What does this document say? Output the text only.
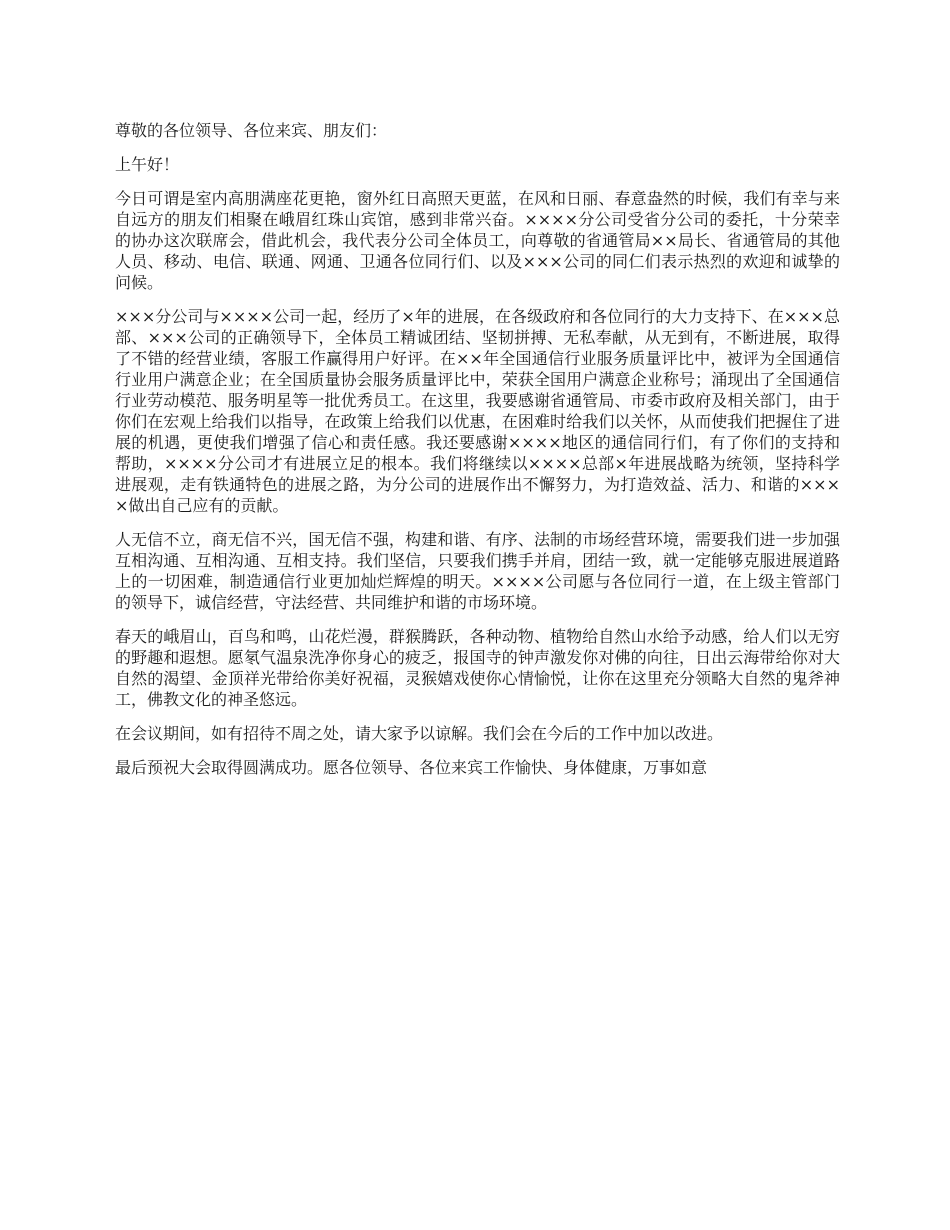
尊敬的各位领导、各位来宾、朋友们：

上午好！

今日可谓是室内高朋满座花更艳，窗外红日高照天更蓝，在风和日丽、春意盎然的时候，我们有幸与来自远方的朋友们相聚在峨眉红珠山宾馆，感到非常兴奋。××××分公司受省分公司的委托，十分荣幸的协办这次联席会，借此机会，我代表分公司全体员工，向尊敬的省通管局××局长、省通管局的其他人员、移动、电信、联通、网通、卫通各位同行们、以及×××公司的同仁们表示热烈的欢迎和诚挚的问候。

×××分公司与××××公司一起，经历了×年的进展，在各级政府和各位同行的大力支持下、在×××总部、×××公司的正确领导下，全体员工精诚团结、坚韧拼搏、无私奉献，从无到有，不断进展，取得了不错的经营业绩，客服工作赢得用户好评。在××年全国通信行业服务质量评比中，被评为全国通信行业用户满意企业；在全国质量协会服务质量评比中，荣获全国用户满意企业称号；涌现出了全国通信行业劳动模范、服务明星等一批优秀员工。在这里，我要感谢省通管局、市委市政府及相关部门，由于你们在宏观上给我们以指导，在政策上给我们以优惠，在困难时给我们以关怀，从而使我们把握住了进展的机遇，更使我们增强了信心和责任感。我还要感谢××××地区的通信同行们，有了你们的支持和帮助，××××分公司才有进展立足的根本。我们将继续以××××总部×年进展战略为统领，坚持科学进展观，走有铁通特色的进展之路，为分公司的进展作出不懈努力，为打造效益、活力、和谐的××××做出自己应有的贡献。

人无信不立，商无信不兴，国无信不强，构建和谐、有序、法制的市场经营环境，需要我们进一步加强互相沟通、互相沟通、互相支持。我们坚信，只要我们携手并肩，团结一致，就一定能够克服进展道路上的一切困难，制造通信行业更加灿烂辉煌的明天。××××公司愿与各位同行一道，在上级主管部门的领导下，诚信经营，守法经营、共同维护和谐的市场环境。

春天的峨眉山，百鸟和鸣，山花烂漫，群猴腾跃，各种动物、植物给自然山水给予动感，给人们以无穷的野趣和遐想。愿氡气温泉洗净你身心的疲乏，报国寺的钟声激发你对佛的向往，日出云海带给你对大自然的渴望、金顶祥光带给你美好祝福，灵猴嬉戏使你心情愉悦，让你在这里充分领略大自然的鬼斧神工，佛教文化的神圣悠远。

在会议期间，如有招待不周之处，请大家予以谅解。我们会在今后的工作中加以改进。

最后预祝大会取得圆满成功。愿各位领导、各位来宾工作愉快、身体健康，万事如意
